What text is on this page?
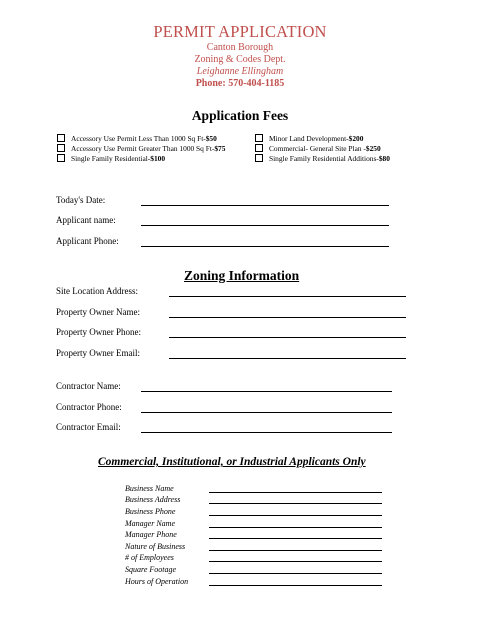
PERMIT APPLICATION
Canton Borough
Zoning & Codes Dept.
Leighanne Ellingham
Phone: 570-404-1185
Application Fees
Accessory Use Permit Less Than 1000 Sq Ft- $50
Accessory Use Permit Greater Than 1000 Sq Ft- $75
Single Family Residential- $100
Minor Land Development- $200
Commercial- General Site Plan - $250
Single Family Residential Additions- $80
Today's Date:
Applicant name:
Applicant Phone:
Zoning Information
Site Location Address:
Property Owner Name:
Property Owner Phone:
Property Owner Email:
Contractor Name:
Contractor Phone:
Contractor Email:
Commercial, Institutional, or Industrial Applicants Only
Business Name
Business Address
Business Phone
Manager Name
Manager Phone
Nature of Business
# of Employees
Square Footage
Hours of Operation
